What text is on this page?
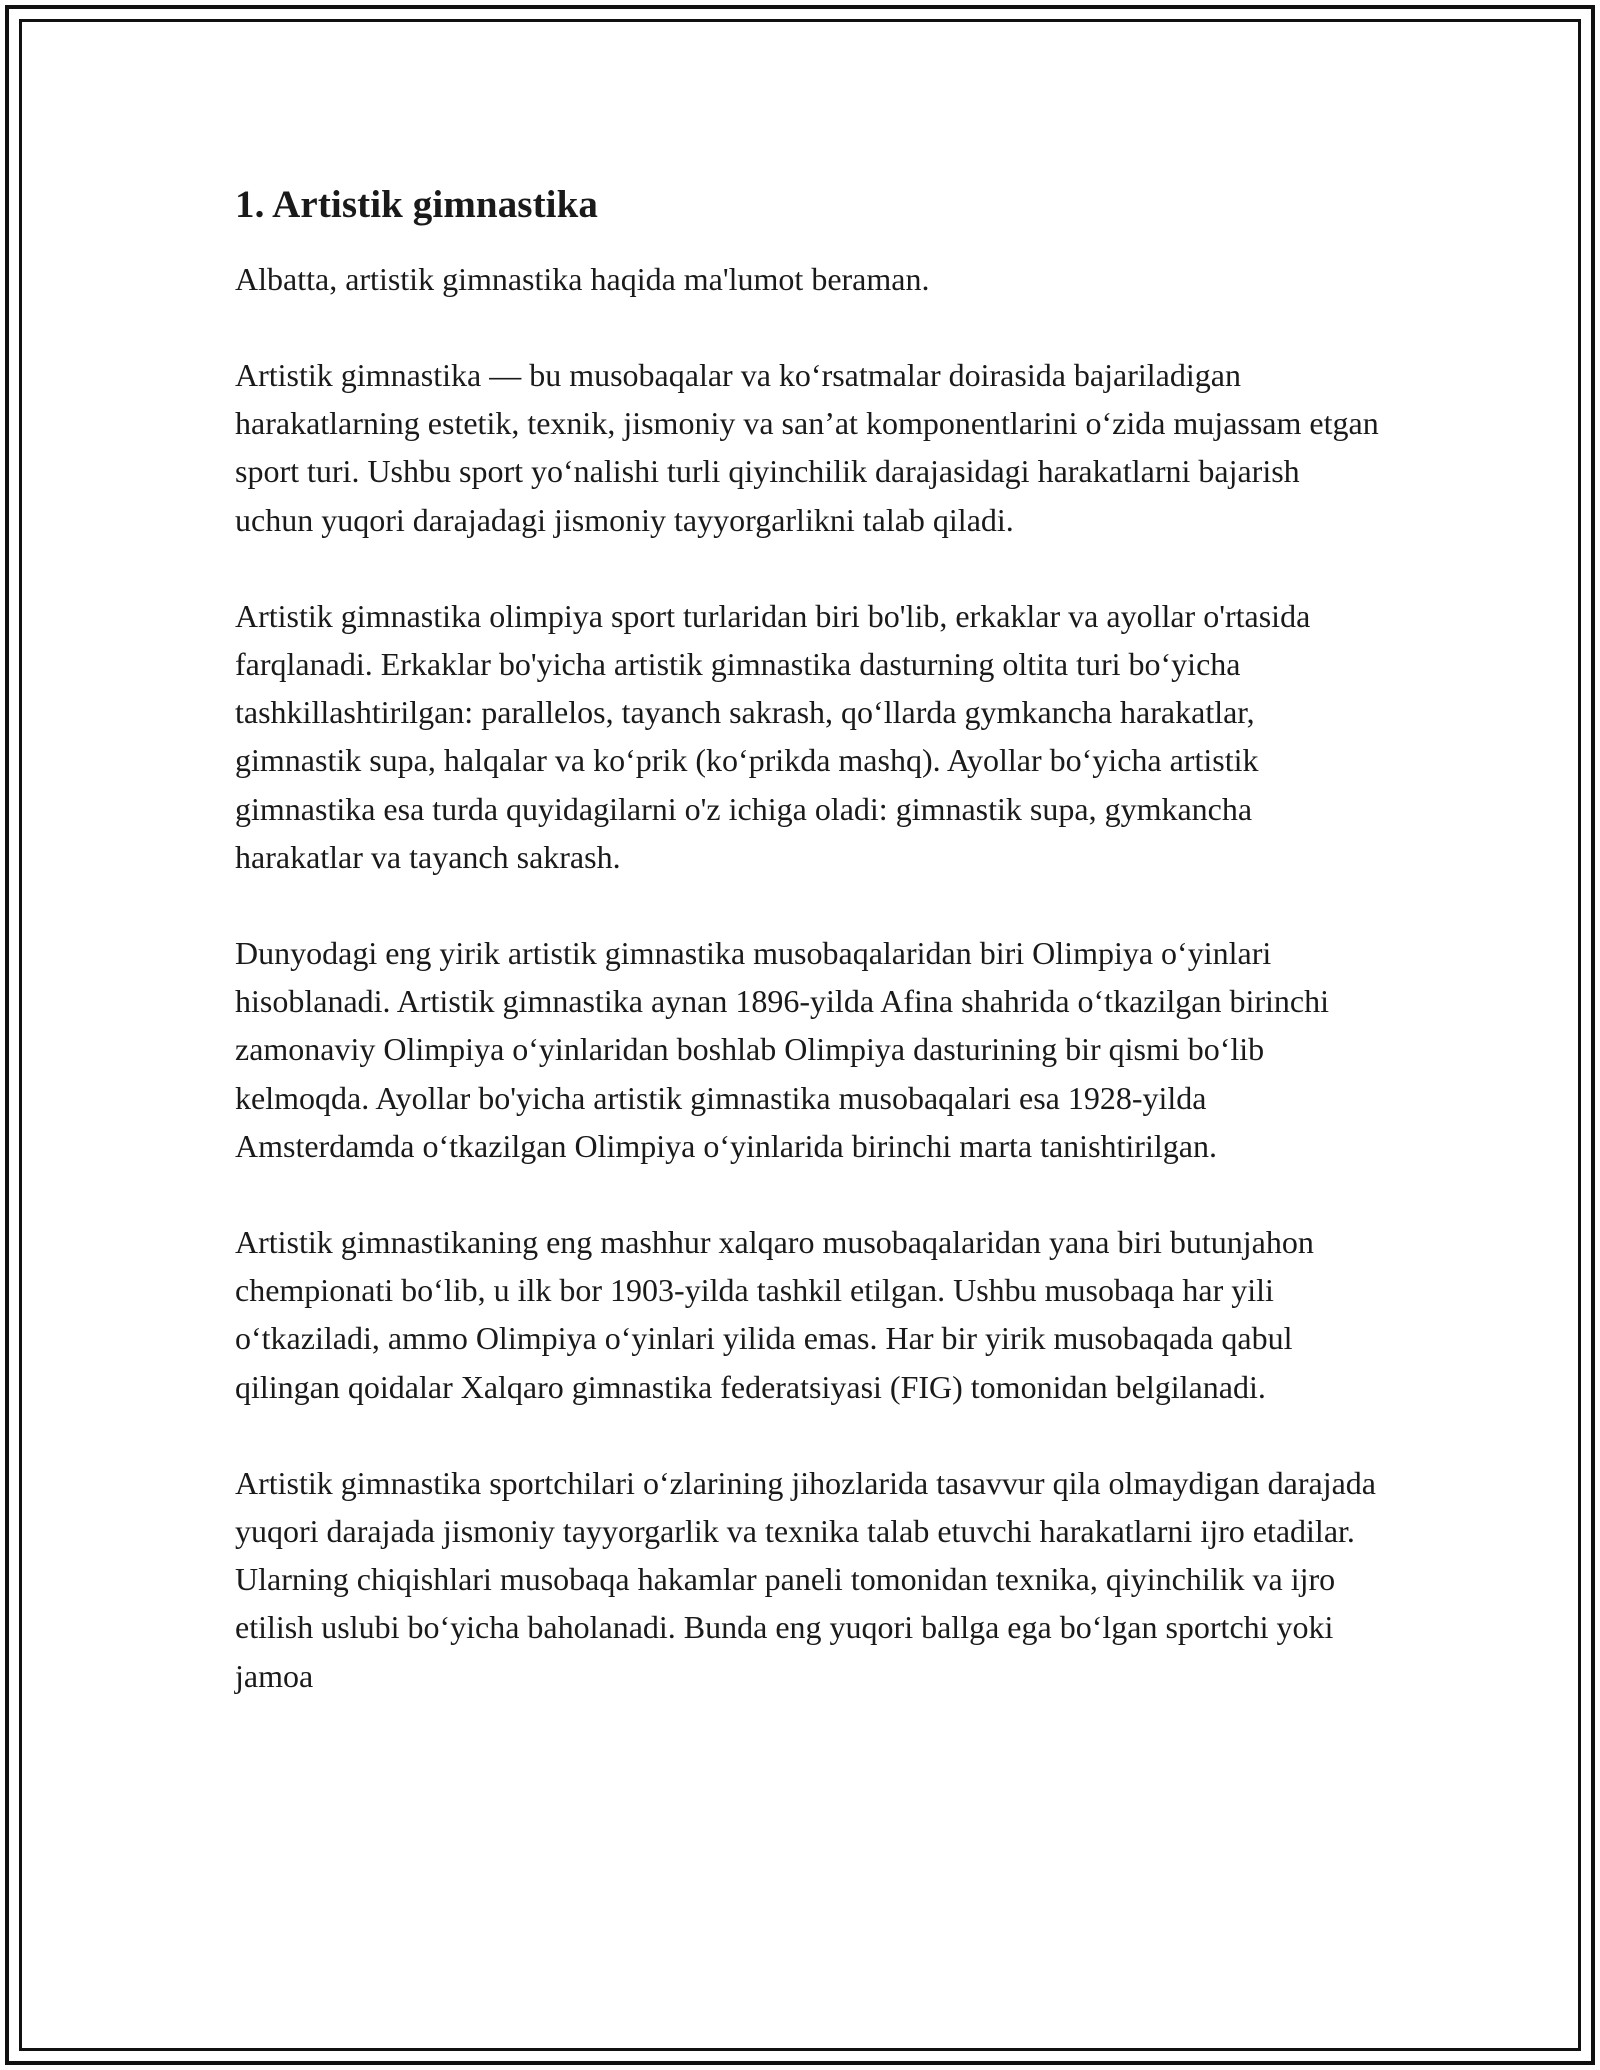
1. Artistik gimnastika

Albatta, artistik gimnastika haqida ma'lumot beraman.

Artistik gimnastika — bu musobaqalar va ko‘rsatmalar doirasida bajariladigan harakatlarning estetik, texnik, jismoniy va san’at komponentlarini o‘zida mujassam etgan sport turi. Ushbu sport yo‘nalishi turli qiyinchilik darajasidagi harakatlarni bajarish uchun yuqori darajadagi jismoniy tayyorgarlikni talab qiladi.

Artistik gimnastika olimpiya sport turlaridan biri bo'lib, erkaklar va ayollar o'rtasida farqlanadi. Erkaklar bo'yicha artistik gimnastika dasturning oltita turi bo‘yicha tashkillashtirilgan: parallelos, tayanch sakrash, qo‘llarda gymkancha harakatlar, gimnastik supa, halqalar va ko‘prik (ko‘prikda mashq). Ayollar bo‘yicha artistik gimnastika esa turda quyidagilarni o'z ichiga oladi: gimnastik supa, gymkancha harakatlar va tayanch sakrash.

Dunyodagi eng yirik artistik gimnastika musobaqalaridan biri Olimpiya o‘yinlari hisoblanadi. Artistik gimnastika aynan 1896-yilda Afina shahrida o‘tkazilgan birinchi zamonaviy Olimpiya o‘yinlaridan boshlab Olimpiya dasturining bir qismi bo‘lib kelmoqda. Ayollar bo'yicha artistik gimnastika musobaqalari esa 1928-yilda Amsterdamda o‘tkazilgan Olimpiya o‘yinlarida birinchi marta tanishtirilgan.

Artistik gimnastikaning eng mashhur xalqaro musobaqalaridan yana biri butunjahon chempionati bo‘lib, u ilk bor 1903-yilda tashkil etilgan. Ushbu musobaqa har yili o‘tkaziladi, ammo Olimpiya o‘yinlari yilida emas. Har bir yirik musobaqada qabul qilingan qoidalar Xalqaro gimnastika federatsiyasi (FIG) tomonidan belgilanadi.

Artistik gimnastika sportchilari o‘zlarining jihozlarida tasavvur qila olmaydigan darajada yuqori darajada jismoniy tayyorgarlik va texnika talab etuvchi harakatlarni ijro etadilar. Ularning chiqishlari musobaqa hakamlar paneli tomonidan texnika, qiyinchilik va ijro etilish uslubi bo‘yicha baholanadi. Bunda eng yuqori ballga ega bo‘lgan sportchi yoki jamoa
